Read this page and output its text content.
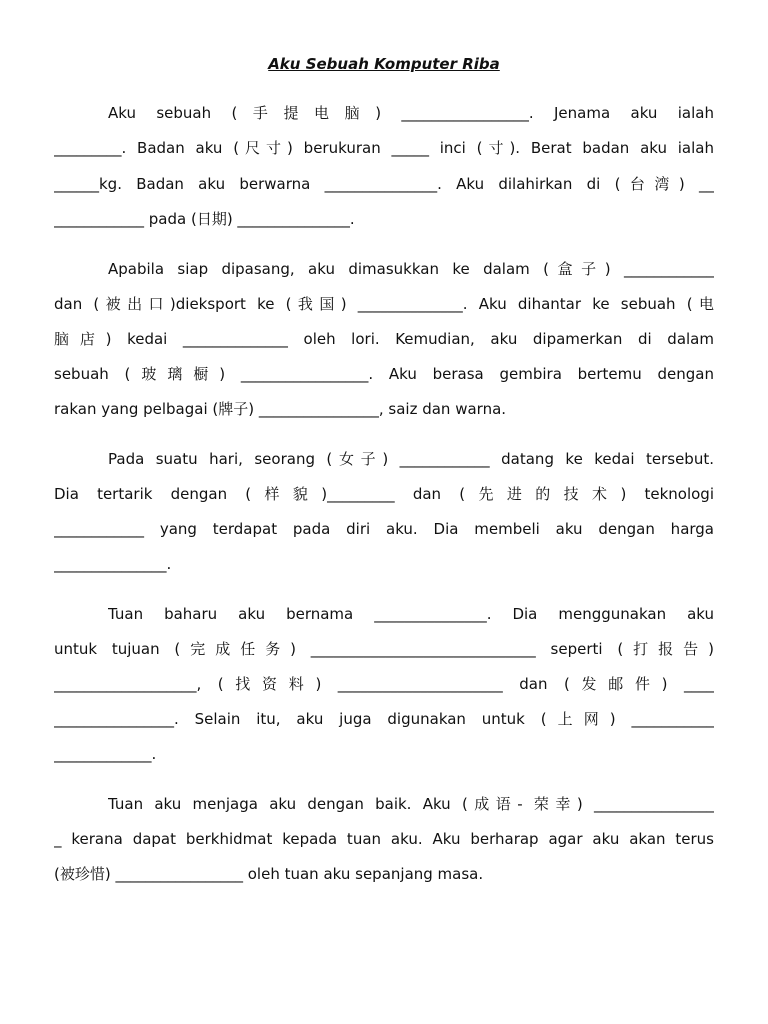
Aku Sebuah Komputer Riba
Aku sebuah (手提电脑) _________________. Jenama aku ialah
_________. Badan aku (尺寸) berukuran _____ inci (寸). Berat badan aku ialah
______kg. Badan aku berwarna _______________. Aku dilahirkan di (台湾) __
____________ pada (日期) _______________.
Apabila siap dipasang, aku dimasukkan ke dalam (盒子) ____________
dan (被出口)dieksport ke (我国) ______________. Aku dihantar ke sebuah (电
脑店) kedai ______________ oleh lori. Kemudian, aku dipamerkan di dalam
sebuah (玻璃橱) _________________. Aku berasa gembira bertemu dengan
rakan yang pelbagai (牌子) ________________, saiz dan warna.
Pada suatu hari, seorang (女子) ____________ datang ke kedai tersebut.
Dia tertarik dengan (样貌)_________ dan (先进的技术) teknologi
____________ yang terdapat pada diri aku. Dia membeli aku dengan harga
_______________.
Tuan baharu aku bernama _______________. Dia menggunakan aku
untuk tujuan (完成任务) ______________________________ seperti (打报告)
___________________, (找资料) ______________________ dan (发邮件) ____
________________. Selain itu, aku juga digunakan untuk (上网) ___________
_____________.
Tuan aku menjaga aku dengan baik. Aku (成语- 荣幸) ________________
_ kerana dapat berkhidmat kepada tuan aku. Aku berharap agar aku akan terus
(被珍惜) _________________ oleh tuan aku sepanjang masa.
